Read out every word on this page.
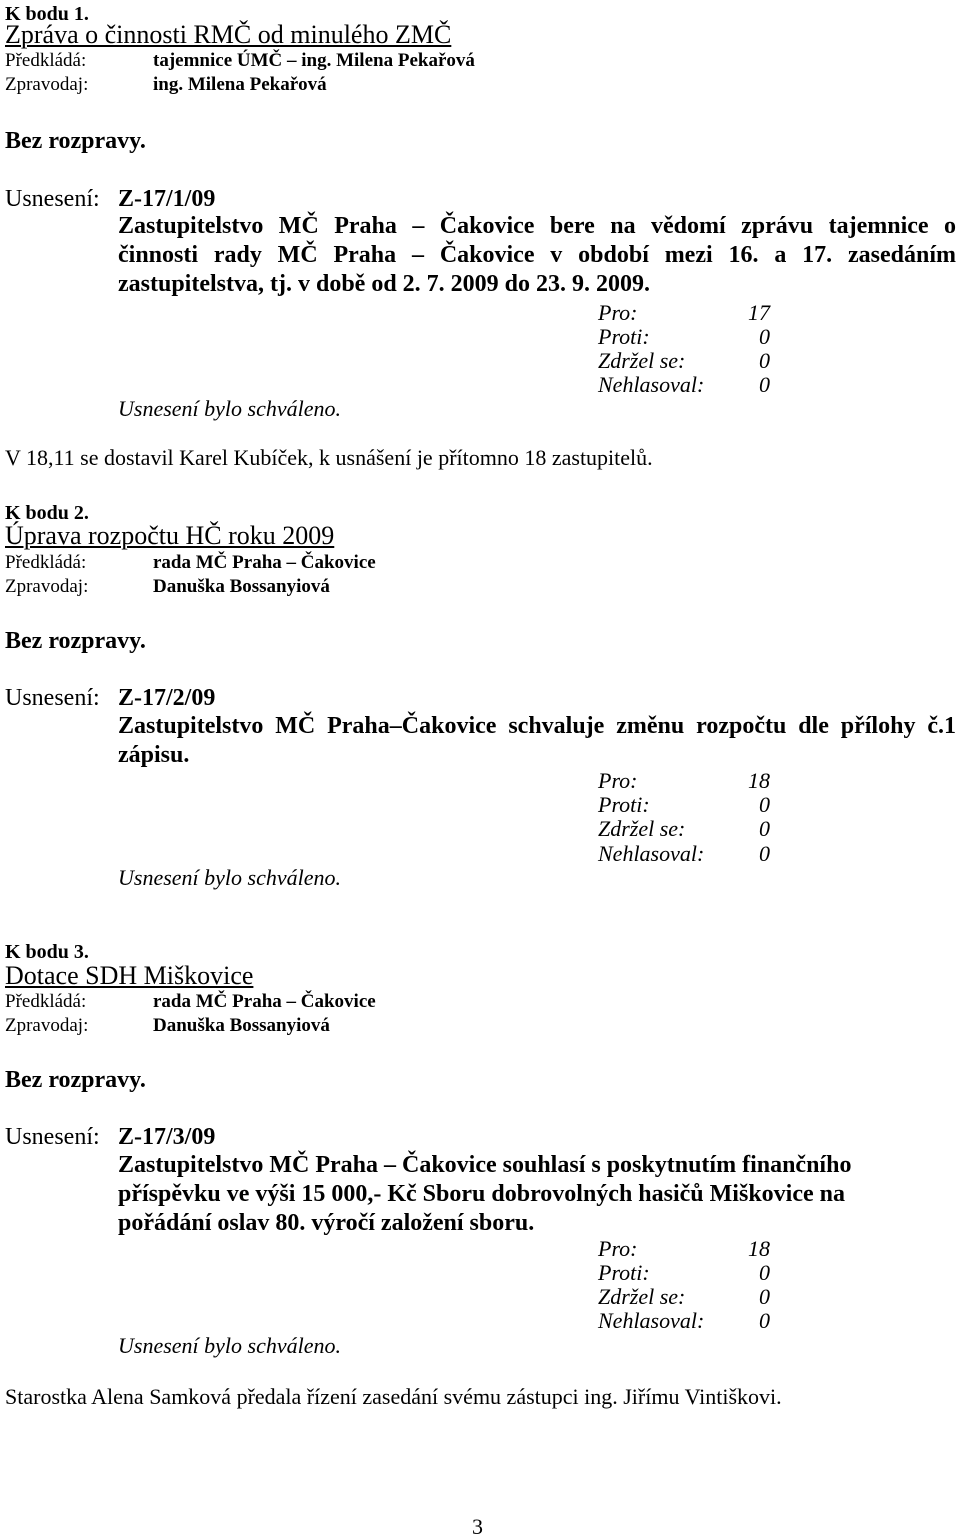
K bodu 1.
Zpráva o činnosti RMČ od minulého ZMČ
Předkládá:	tajemnice ÚMČ – ing. Milena Pekařová
Zpravodaj:	ing. Milena Pekařová
Bez rozpravy.
Usnesení: Z-17/1/09
Zastupitelstvo MČ Praha – Čakovice bere na vědomí zprávu tajemnice o
činnosti rady MČ Praha – Čakovice v období mezi 16. a 17. zasedáním
zastupitelstva, tj. v době od 2. 7. 2009 do 23. 9. 2009.
Pro:	17
Proti:	0
Zdržel se:	0
Nehlasoval: 0
Usnesení bylo schváleno.
V 18,11 se dostavil Karel Kubíček, k usnášení je přítomno 18 zastupitelů.
K bodu 2.
Úprava rozpočtu HČ roku 2009
Předkládá:	rada MČ Praha – Čakovice
Zpravodaj:	Danuška Bossanyiová
Bez rozpravy.
Usnesení: Z-17/2/09
Zastupitelstvo MČ Praha–Čakovice schvaluje změnu rozpočtu dle přílohy č.1
zápisu.
Pro:	18
Proti:	0
Zdržel se:	0
Nehlasoval: 0
Usnesení bylo schváleno.
K bodu 3.
Dotace SDH Miškovice
Předkládá:	rada MČ Praha – Čakovice
Zpravodaj:	Danuška Bossanyiová
Bez rozpravy.
Usnesení: Z-17/3/09
Zastupitelstvo MČ Praha – Čakovice souhlasí s poskytnutím finančního
příspěvku ve výši 15 000,- Kč Sboru dobrovolných hasičů Miškovice na
pořádání oslav 80. výročí založení sboru.
Pro:	18
Proti:	0
Zdržel se:	0
Nehlasoval: 0
Usnesení bylo schváleno.
Starostka Alena Samková předala řízení zasedání svému zástupci ing. Jiřímu Vintiškovi.
3
